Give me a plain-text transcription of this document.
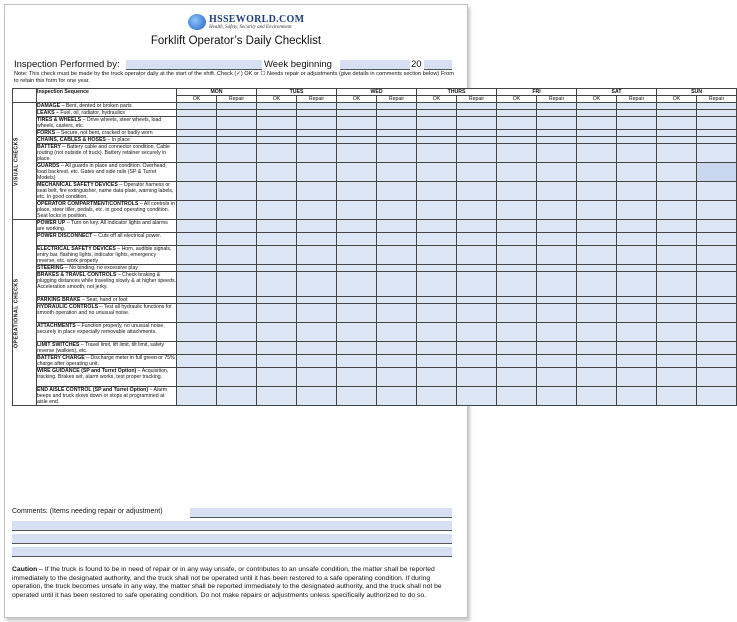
HSSEWORLD.COM
Health, Safety, Security and Environment
Forklift Operator’s Daily Checklist
Inspection Performed by:	Week beginning	20
Note: This check must be made by the truck operator daily at the start of the shift. Check (✓) OK or ☐ Needs repair or adjustments (give details in comments section below) From to retain this form for one year.
	Inspection Sequence	MON		TUES		WED		THURS		FRI		SAT		SUN	
		OK	Repair	OK	Repair	OK	Repair	OK	Repair	OK	Repair	OK	Repair	OK	Repair
VISUAL CHECKS	DAMAGE – Bent, dented or broken parts														
	LEAKS – Fuel, oil, radiator, hydraulics														
	TIRES & WHEELS – Drive wheels, steer wheels, load wheels, casters, etc.														
	FORKS – Secure, not bent, cracked or badly worn														
	CHAINS, CABLES & HOSES – In place														
	BATTERY – Battery cable and connector condition. Cable routing (not outside of truck). Battery retainer securely in place.														
	GUARDS – All guards in place and condition. Overhead, load backrest, etc. Gates and side rails (SP & Turret Models)														
	MECHANICAL SAFETY DEVICES – Operator harness or seat belt, fire extinguisher, name data plate, warning labels, etc. In good condition.														
	OPERATOR COMPARTMENT/CONTROLS – All controls in place, steer tiller, pedals, etc. in good operating condition. Seat locks in position.														
OPERATIONAL CHECKS	POWER UP – Turn on key. All indicator lights and alarms are working.														
	POWER DISCONNECT – Cuts off all electrical power.														
	ELECTRICAL SAFETY DEVICES – Horn, audible signals, entry bar, flashing lights, indicator lights, emergency reverse, etc. work properly														
	STEERING – No binding, no excessive play														
	BRAKES & TRAVEL CONTROLS – Check braking & plugging distances while traveling slowly & at higher speeds. Acceleration smooth, not jerky.														
	PARKING BRAKE – Seat, hand or foot														
	HYDRAULIC CONTROLS – Test all hydraulic functions for smooth operation and no unusual noise.														
	ATTACHMENTS – Function properly, no unusual noise, securely in place expecially removable attachments.														
	LIMIT SWITCHES – Travel limit, lift limit, tilt limit, safety reverse (walkies), etc.														
	BATTERY CHARGE – Discharge meter in full green or 75% charge after operating unit.														
	WIRE GUIDANCE (SP and Turret Option) – Acquisition, tracking. Brakes set, alarm works, test proper tracking.														
	END AISLE CONTROL (SP and Turret Option) – Alarm beeps and truck slows down or stops at programmed at aisle end.														
Comments: (Items needing repair or adjustment)
Caution – If the truck is found to be in need of repair or in any way unsafe, or contributes to an unsafe condition, the matter shall be reported immediately to the designated authority, and the truck shall not be operated until it has been restored to a safe operating condition. If during operation, the truck becomes unsafe in any way, the matter shall be reported immediately to the designated authority, and the truck shall not be operated until it has been restored to safe operating condition. Do not make repairs or adjustments unless specifically authorized to do so.
